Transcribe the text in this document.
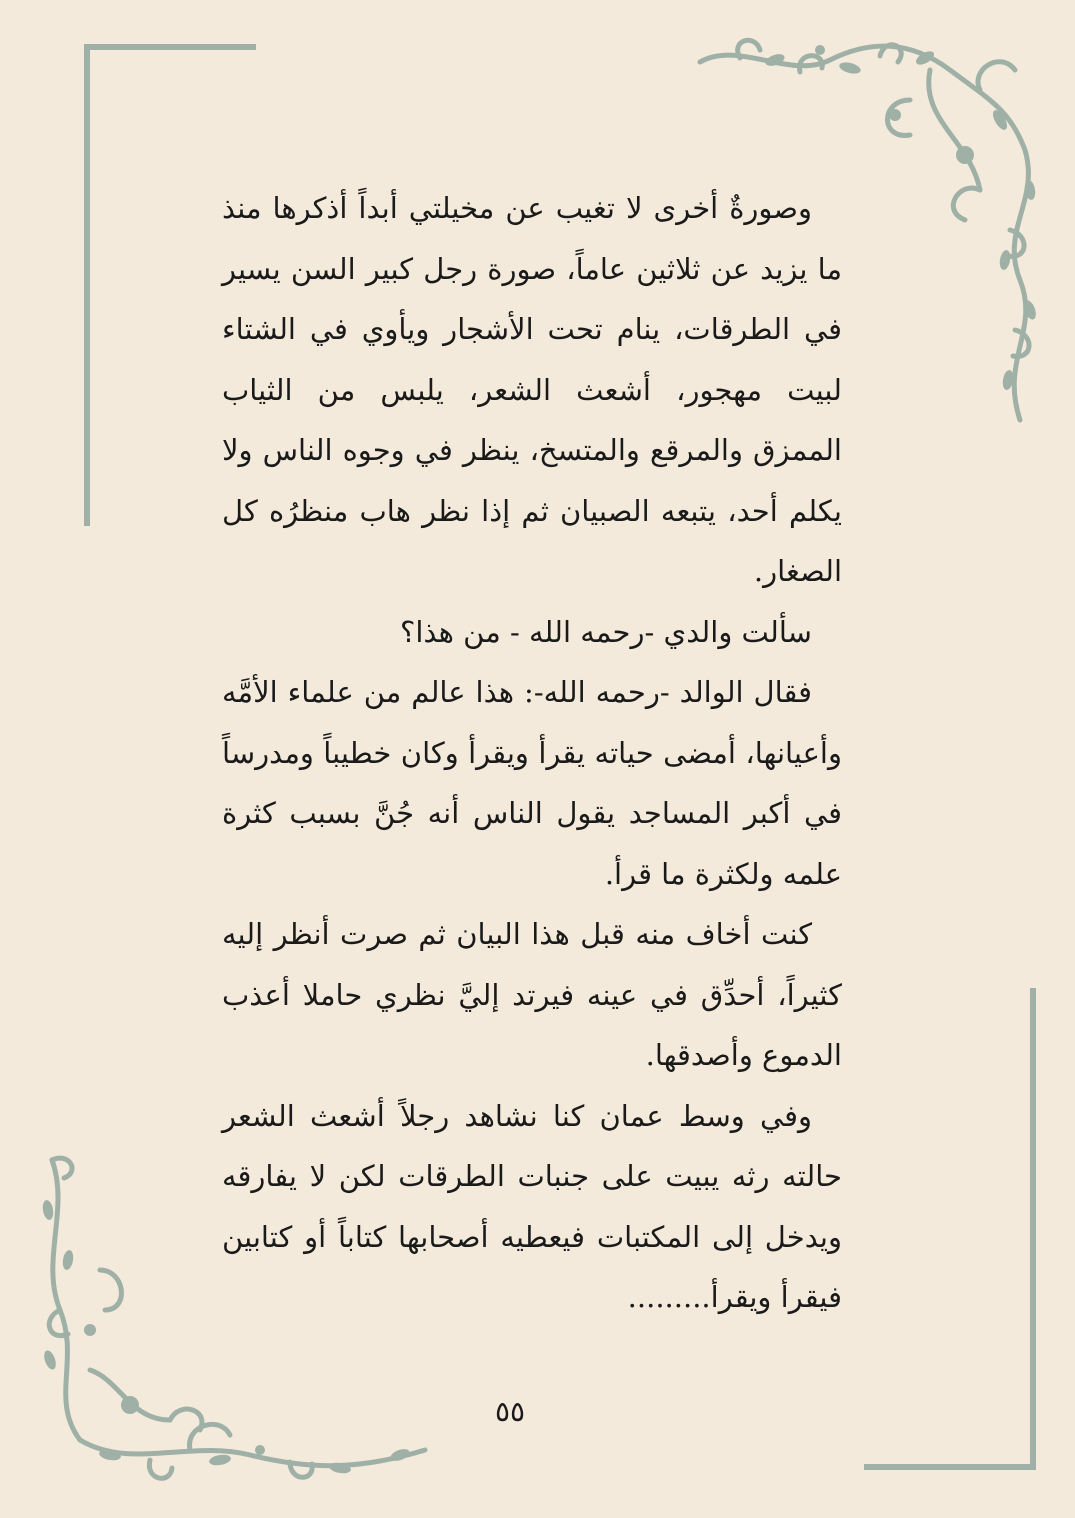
وصورةٌ أخرى لا تغيب عن مخيلتي أبداً أذكرها منذ ما يزيد عن ثلاثين عاماً، صورة رجل كبير السن يسير في الطرقات، ينام تحت الأشجار ويأوي في الشتاء لبيت مهجور، أشعث الشعر، يلبس من الثياب الممزق والمرقع والمتسخ، ينظر في وجوه الناس ولا يكلم أحد، يتبعه الصبيان ثم إذا نظر هاب منظرُه كل الصغار.

سألت والدي -رحمه الله - من هذا؟

فقال الوالد -رحمه الله-: هذا عالم من علماء الأمَّه وأعيانها، أمضى حياته يقرأ ويقرأ وكان خطيباً ومدرساً في أكبر المساجد يقول الناس أنه جُنَّ بسبب كثرة علمه ولكثرة ما قرأ.

كنت أخاف منه قبل هذا البيان ثم صرت أنظر إليه كثيراً، أحدِّق في عينه فيرتد إليَّ نظري حاملا أعذب الدموع وأصدقها.

وفي وسط عمان كنا نشاهد رجلاً أشعث الشعر حالته رثه يبيت على جنبات الطرقات لكن لا يفارقه ويدخل إلى المكتبات فيعطيه أصحابها كتاباً أو كتابين فيقرأ ويقرأ.........

٥٥
